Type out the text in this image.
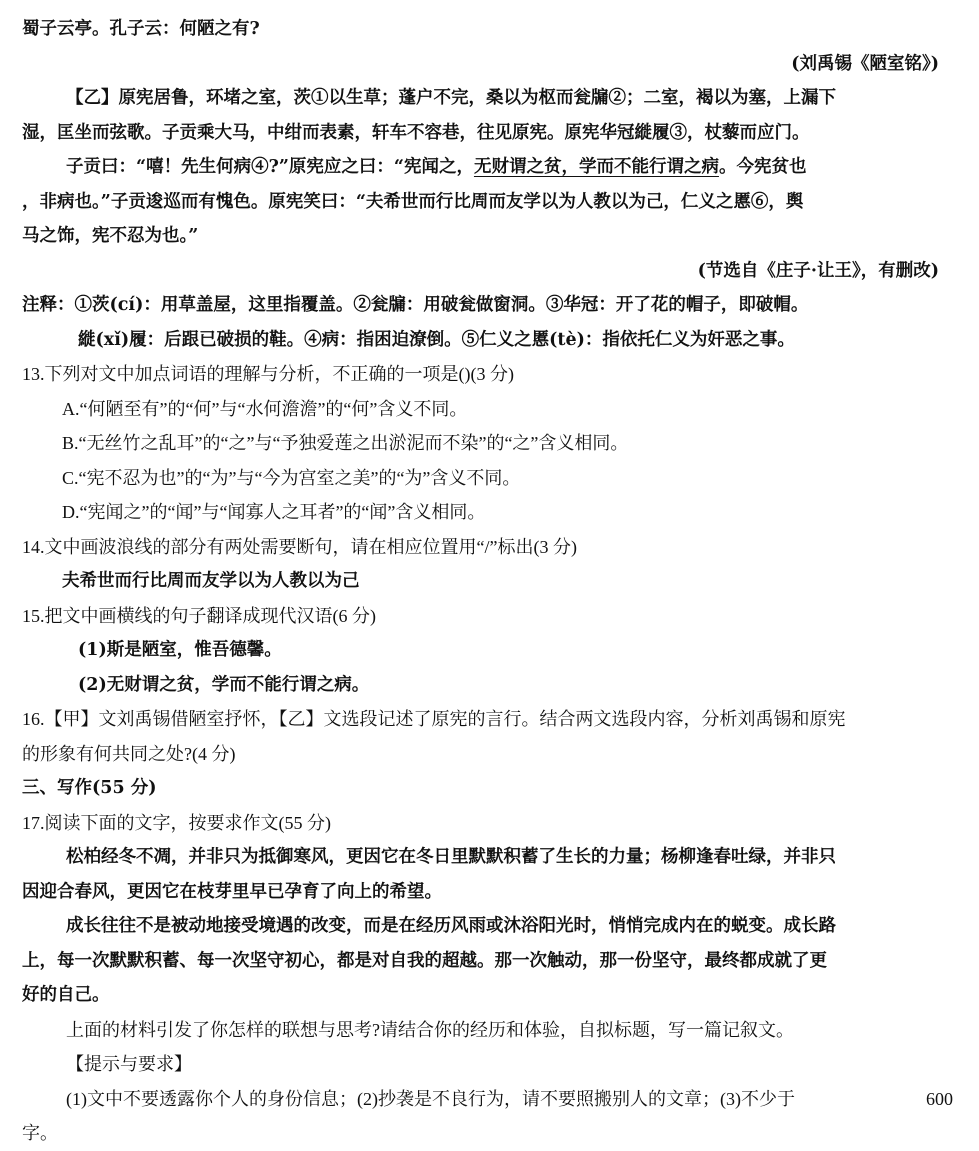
蜀子云亭。孔子云：何陋之有?
(刘禹锡《陋室铭》)
【乙】原宪居鲁，环堵之室，茨①以生草；蓬户不完，桑以为枢而瓮牖②；二室，褐以为塞，上漏下
湿，匡坐而弦歌。子贡乘大马，中绀而表素，轩车不容巷，往见原宪。原宪华冠縰履③，杖藜而应门。
子贡曰：“嘻！先生何病④?”原宪应之曰：“宪闻之，无财谓之贫，学而不能行谓之病。今宪贫也
，非病也。”子贡逡巡而有愧色。原宪笑曰：“夫希世而行比周而友学以为人教以为己，仁义之慝⑥，舆
马之饰，宪不忍为也。”
(节选自《庄子·让王》，有删改)
注释：①茨(cí)：用草盖屋，这里指覆盖。②瓮牖：用破瓮做窗洞。③华冠：开了花的帽子，即破帽。
縰(xǐ)履：后跟已破损的鞋。④病：指困迫潦倒。⑤仁义之慝(tè)：指依托仁义为奸恶之事。
13.下列对文中加点词语的理解与分析，不正确的一项是()(3 分)
A.“何陋至有”的“何”与“水何澹澹”的“何”含义不同。
B.“无丝竹之乱耳”的“之”与“予独爱莲之出淤泥而不染”的“之”含义相同。
C.“宪不忍为也”的“为”与“今为宫室之美”的“为”含义不同。
D.“宪闻之”的“闻”与“闻寡人之耳者”的“闻”含义相同。
14.文中画波浪线的部分有两处需要断句，请在相应位置用“/”标出(3 分)
夫希世而行比周而友学以为人教以为己
15.把文中画横线的句子翻译成现代汉语(6 分)
(1)斯是陋室，惟吾德馨。
(2)无财谓之贫，学而不能行谓之病。
16.【甲】文刘禹锡借陋室抒怀，【乙】文选段记述了原宪的言行。结合两文选段内容，分析刘禹锡和原宪
的形象有何共同之处?(4 分)
三、写作(55 分)
17.阅读下面的文字，按要求作文(55 分)
松柏经冬不凋，并非只为抵御寒风，更因它在冬日里默默积蓄了生长的力量；杨柳逢春吐绿，并非只
因迎合春风，更因它在枝芽里早已孕育了向上的希望。
成长往往不是被动地接受境遇的改变，而是在经历风雨或沐浴阳光时，悄悄完成内在的蜕变。成长路
上，每一次默默积蓄、每一次坚守初心，都是对自我的超越。那一次触动，那一份坚守，最终都成就了更
好的自己。
上面的材料引发了你怎样的联想与思考?请结合你的经历和体验，自拟标题，写一篇记叙文。
【提示与要求】
(1)文中不要透露你个人的身份信息；(2)抄袭是不良行为，请不要照搬别人的文章；(3)不少于	600
字。
